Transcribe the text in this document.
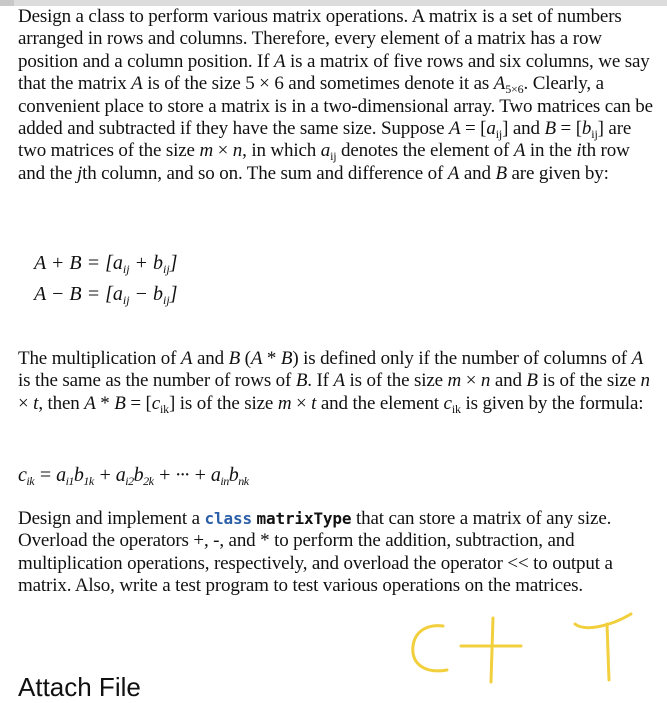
Design a class to perform various matrix operations. A matrix is a set of numbers arranged in rows and columns. Therefore, every element of a matrix has a row position and a column position. If A is a matrix of five rows and six columns, we say that the matrix A is of the size 5 × 6 and sometimes denote it as $A_{5\times 6}$. Clearly, a convenient place to store a matrix is in a two-dimensional array. Two matrices can be added and subtracted if they have the same size. Suppose $A = [a_{ij}]$ and $B = [b_{ij}]$ are two matrices of the size m × n, in which $a_{ij}$ denotes the element of A in the ith row and the jth column, and so on. The sum and difference of A and B are given by:

$A + B = [a_{ij} + b_{ij}]$
$A - B = [a_{ij} - b_{ij}]$

The multiplication of A and B (A * B) is defined only if the number of columns of A is the same as the number of rows of B. If A is of the size m × n and B is of the size n × t, then $A * B = [c_{ik}]$ is of the size m × t and the element $c_{ik}$ is given by the formula:

$c_{ik} = a_{i1}b_{1k} + a_{i2}b_{2k}$ + ··· + $a_{in}b_{nk}$

Design and implement a class matrixType that can store a matrix of any size. Overload the operators +, -, and * to perform the addition, subtraction, and multiplication operations, respectively, and overload the operator << to output a matrix. Also, write a test program to test various operations on the matrices.

Attach File
